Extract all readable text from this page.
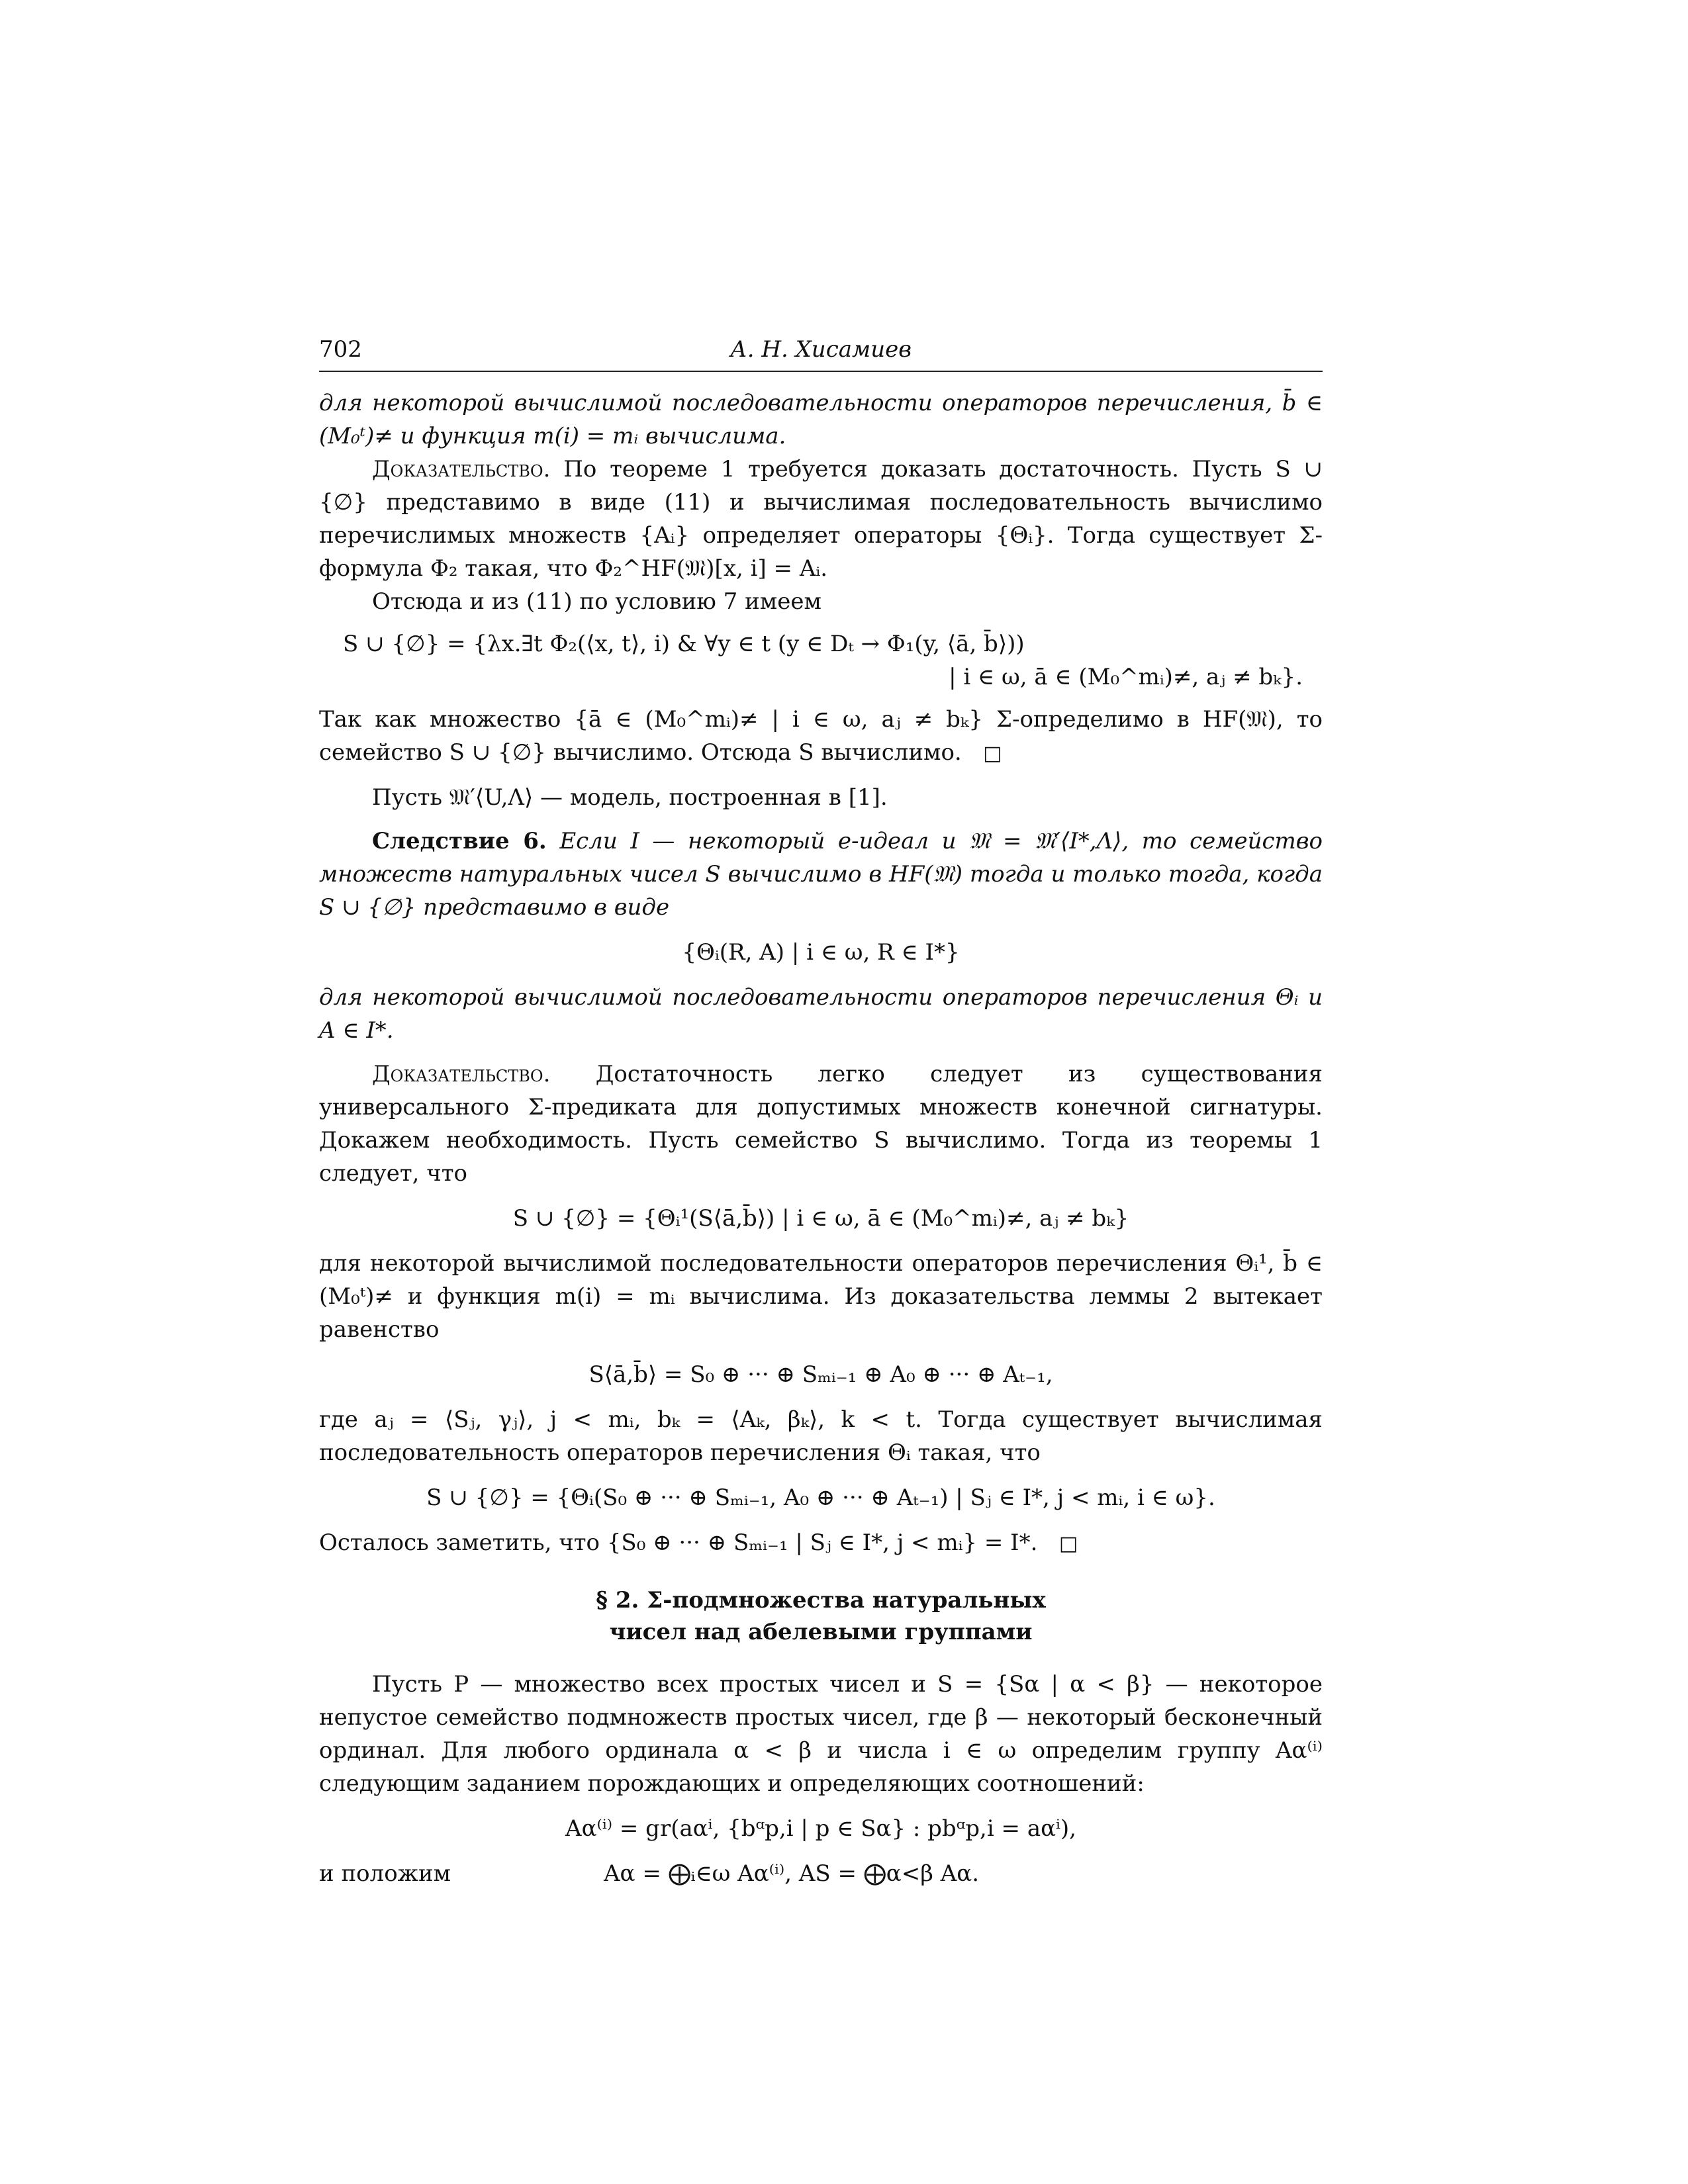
702	А. Н. Хисамиев

для некоторой вычислимой последовательности операторов перечисления, b̄ ∈ (M₀ᵗ)≠ и функция m(i) = mᵢ вычислима.

Доказательство. По теореме 1 требуется доказать достаточность. Пусть S ∪ {∅} представимо в виде (11) и вычислимая последовательность вычислимо перечислимых множеств {Aᵢ} определяет операторы {Θᵢ}. Тогда существует Σ-формула Φ₂ такая, что Φ₂^HF(𝔐)[x, i] = Aᵢ.

Отсюда и из (11) по условию 7 имеем

S ∪ {∅} = {λx.∃t Φ₂(⟨x, t⟩, i) & ∀y ∈ t (y ∈ Dₜ → Φ₁(y, ⟨ā, b̄⟩))
| i ∈ ω, ā ∈ (M₀^mᵢ)≠, aⱼ ≠ bₖ}.

Так как множество {ā ∈ (M₀^mᵢ)≠ | i ∈ ω, aⱼ ≠ bₖ} Σ-определимо в HF(𝔐), то семейство S ∪ {∅} вычислимо. Отсюда S вычислимо. □

Пусть 𝔐′⟨U,Λ⟩ — модель, построенная в [1].

Следствие 6. Если I — некоторый e-идеал и 𝔐 = 𝔐′⟨I*,Λ⟩, то семейство множеств натуральных чисел S вычислимо в HF(𝔐) тогда и только тогда, когда S ∪ {∅} представимо в виде

{Θᵢ(R, A) | i ∈ ω, R ∈ I*}

для некоторой вычислимой последовательности операторов перечисления Θᵢ и A ∈ I*.

Доказательство. Достаточность легко следует из существования универсального Σ-предиката для допустимых множеств конечной сигнатуры. Докажем необходимость. Пусть семейство S вычислимо. Тогда из теоремы 1 следует, что

S ∪ {∅} = {Θᵢ¹(S⟨ā,b̄⟩) | i ∈ ω, ā ∈ (M₀^mᵢ)≠, aⱼ ≠ bₖ}

для некоторой вычислимой последовательности операторов перечисления Θᵢ¹, b̄ ∈ (M₀ᵗ)≠ и функция m(i) = mᵢ вычислима. Из доказательства леммы 2 вытекает равенство

S⟨ā,b̄⟩ = S₀ ⊕ ··· ⊕ Sₘᵢ₋₁ ⊕ A₀ ⊕ ··· ⊕ Aₜ₋₁,

где aⱼ = ⟨Sⱼ, γⱼ⟩, j < mᵢ, bₖ = ⟨Aₖ, βₖ⟩, k < t. Тогда существует вычислимая последовательность операторов перечисления Θᵢ такая, что

S ∪ {∅} = {Θᵢ(S₀ ⊕ ··· ⊕ Sₘᵢ₋₁, A₀ ⊕ ··· ⊕ Aₜ₋₁) | Sⱼ ∈ I*, j < mᵢ, i ∈ ω}.

Осталось заметить, что {S₀ ⊕ ··· ⊕ Sₘᵢ₋₁ | Sⱼ ∈ I*, j < mᵢ} = I*. □

§ 2. Σ-подмножества натуральных
чисел над абелевыми группами

Пусть P — множество всех простых чисел и S = {Sα | α < β} — некоторое непустое семейство подмножеств простых чисел, где β — некоторый бесконечный ординал. Для любого ординала α < β и числа i ∈ ω определим группу Aα⁽ⁱ⁾ следующим заданием порождающих и определяющих соотношений:

Aα⁽ⁱ⁾ = gr(aαⁱ, {bᵅp,i | p ∈ Sα} : pbᵅp,i = aαⁱ),
и положим	Aα = ⨁ᵢ∈ω Aα⁽ⁱ⁾, AS = ⨁α<β Aα.
